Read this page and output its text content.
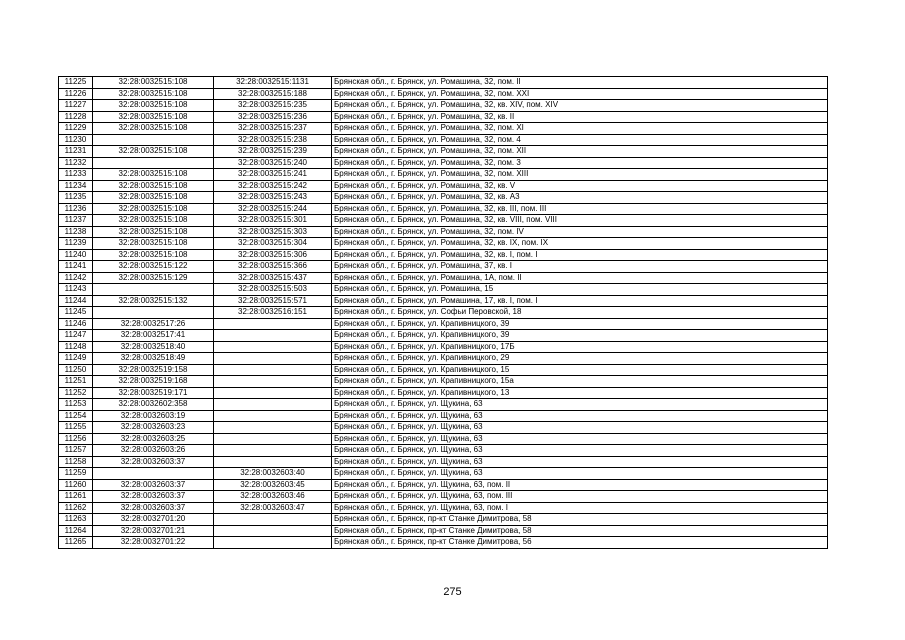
11225	32:28:0032515:108	32:28:0032515:1131	Брянская обл., г. Брянск, ул. Ромашина, 32, пом. II
11226	32:28:0032515:108	32:28:0032515:188	Брянская обл., г. Брянск, ул. Ромашина, 32, пом. XXI
11227	32:28:0032515:108	32:28:0032515:235	Брянская обл., г. Брянск, ул. Ромашина, 32, кв. XIV, пом. XIV
11228	32:28:0032515:108	32:28:0032515:236	Брянская обл., г. Брянск, ул. Ромашина, 32, кв. II
11229	32:28:0032515:108	32:28:0032515:237	Брянская обл., г. Брянск, ул. Ромашина, 32, пом. XI
11230		32:28:0032515:238	Брянская обл., г. Брянск, ул. Ромашина, 32, пом. 4
11231	32:28:0032515:108	32:28:0032515:239	Брянская обл., г. Брянск, ул. Ромашина, 32, пом. XII
11232		32:28:0032515:240	Брянская обл., г. Брянск, ул. Ромашина, 32, пом. 3
11233	32:28:0032515:108	32:28:0032515:241	Брянская обл., г. Брянск, ул. Ромашина, 32, пом. XIII
11234	32:28:0032515:108	32:28:0032515:242	Брянская обл., г. Брянск, ул. Ромашина, 32, кв. V
11235	32:28:0032515:108	32:28:0032515:243	Брянская обл., г. Брянск, ул. Ромашина, 32, кв. А3
11236	32:28:0032515:108	32:28:0032515:244	Брянская обл., г. Брянск, ул. Ромашина, 32, кв. III, пом. III
11237	32:28:0032515:108	32:28:0032515:301	Брянская обл., г. Брянск, ул. Ромашина, 32, кв. VIII, пом. VIII
11238	32:28:0032515:108	32:28:0032515:303	Брянская обл., г. Брянск, ул. Ромашина, 32, пом. IV
11239	32:28:0032515:108	32:28:0032515:304	Брянская обл., г. Брянск, ул. Ромашина, 32, кв. IX, пом. IX
11240	32:28:0032515:108	32:28:0032515:306	Брянская обл., г. Брянск, ул. Ромашина, 32, кв. I, пом. I
11241	32:28:0032515:122	32:28:0032515:366	Брянская обл., г. Брянск, ул. Ромашина, 37, кв. I
11242	32:28:0032515:129	32:28:0032515:437	Брянская обл., г. Брянск, ул. Ромашина, 1А, пом. II
11243		32:28:0032515:503	Брянская обл., г. Брянск, ул. Ромашина, 15
11244	32:28:0032515:132	32:28:0032515:571	Брянская обл., г. Брянск, ул. Ромашина, 17, кв. I, пом. I
11245		32:28:0032516:151	Брянская обл., г. Брянск, ул. Софьи Перовской, 18
11246	32:28:0032517:26		Брянская обл., г. Брянск, ул. Крапивницкого, 39
11247	32:28:0032517:41		Брянская обл., г. Брянск, ул. Крапивницкого, 39
11248	32:28:0032518:40		Брянская обл., г. Брянск, ул. Крапивницкого, 17Б
11249	32:28:0032518:49		Брянская обл., г. Брянск, ул. Крапивницкого, 29
11250	32:28:0032519:158		Брянская обл., г. Брянск, ул. Крапивницкого, 15
11251	32:28:0032519:168		Брянская обл., г. Брянск, ул. Крапивницкого, 15а
11252	32:28:0032519:171		Брянская обл., г. Брянск, ул. Крапивницкого, 13
11253	32:28:0032602:358		Брянская обл., г. Брянск, ул. Щукина, 63
11254	32:28:0032603:19		Брянская обл., г. Брянск, ул. Щукина, 63
11255	32:28:0032603:23		Брянская обл., г. Брянск, ул. Щукина, 63
11256	32:28:0032603:25		Брянская обл., г. Брянск, ул. Щукина, 63
11257	32:28:0032603:26		Брянская обл., г. Брянск, ул. Щукина, 63
11258	32:28:0032603:37		Брянская обл., г. Брянск, ул. Щукина, 63
11259		32:28:0032603:40	Брянская обл., г. Брянск, ул. Щукина, 63
11260	32:28:0032603:37	32:28:0032603:45	Брянская обл., г. Брянск, ул. Щукина, 63, пом. II
11261	32:28:0032603:37	32:28:0032603:46	Брянская обл., г. Брянск, ул. Щукина, 63, пом. III
11262	32:28:0032603:37	32:28:0032603:47	Брянская обл., г. Брянск, ул. Щукина, 63, пом. I
11263	32:28:0032701:20		Брянская обл., г. Брянск, пр-кт Станке Димитрова, 58
11264	32:28:0032701:21		Брянская обл., г. Брянск, пр-кт Станке Димитрова, 58
11265	32:28:0032701:22		Брянская обл., г. Брянск, пр-кт Станке Димитрова, 56
275
